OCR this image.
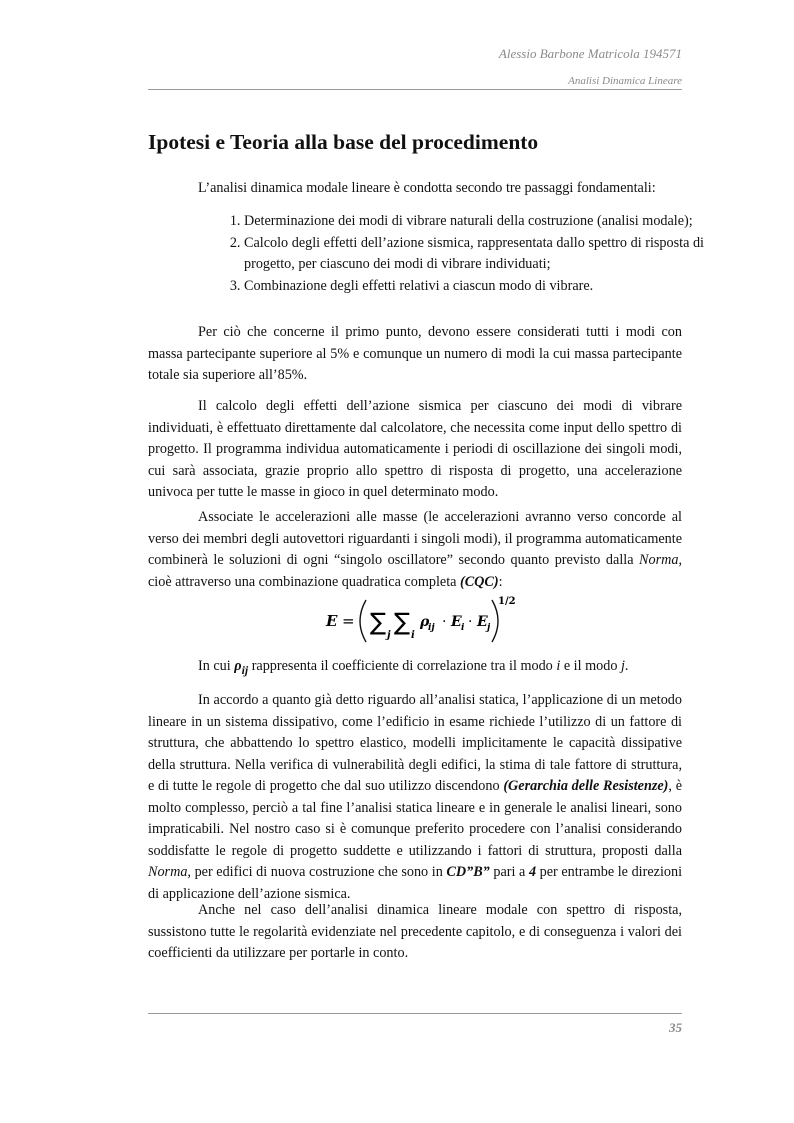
Alessio Barbone Matricola 194571
Analisi Dinamica Lineare
Ipotesi e Teoria alla base del procedimento

L’analisi dinamica modale lineare è condotta secondo tre passaggi fondamentali:

1. Determinazione dei modi di vibrare naturali della costruzione (analisi modale);
2. Calcolo degli effetti dell’azione sismica, rappresentata dallo spettro di risposta di progetto, per ciascuno dei modi di vibrare individuati;
3. Combinazione degli effetti relativi a ciascun modo di vibrare.

Per ciò che concerne il primo punto, devono essere considerati tutti i modi con massa partecipante superiore al 5% e comunque un numero di modi la cui massa partecipante totale sia superiore all’85%.

Il calcolo degli effetti dell’azione sismica per ciascuno dei modi di vibrare individuati, è effettuato direttamente dal calcolatore, che necessita come input dello spettro di progetto. Il programma individua automaticamente i periodi di oscillazione dei singoli modi, cui sarà associata, grazie proprio allo spettro di risposta di progetto, una accelerazione univoca per tutte le masse in gioco in quel determinato modo.

Associate le accelerazioni alle masse (le accelerazioni avranno verso concorde al verso dei membri degli autovettori riguardanti i singoli modi), il programma automaticamente combinerà le soluzioni di ogni “singolo oscillatore” secondo quanto previsto dalla Norma, cioè attraverso una combinazione quadratica completa (CQC):

E = ∑ j ∑ i
ρ
ij · E i · E j
1/2

In cui $\rho_{ij}$ rappresenta il coefficiente di correlazione tra il modo i e il modo j.

In accordo a quanto già detto riguardo all’analisi statica, l’applicazione di un metodo lineare in un sistema dissipativo, come l’edificio in esame richiede l’utilizzo di un fattore di struttura, che abbattendo lo spettro elastico, modelli implicitamente le capacità dissipative della struttura. Nella verifica di vulnerabilità degli edifici, la stima di tale fattore di struttura, e di tutte le regole di progetto che dal suo utilizzo discendono (Gerarchia delle Resistenze), è molto complesso, perciò a tal fine l’analisi statica lineare e in generale le analisi lineari, sono impraticabili. Nel nostro caso si è comunque preferito procedere con l’analisi considerando soddisfatte le regole di progetto suddette e utilizzando i fattori di struttura, proposti dalla Norma, per edifici di nuova costruzione che sono in CD”B” pari a 4 per entrambe le direzioni di applicazione dell’azione sismica.

Anche nel caso dell’analisi dinamica lineare modale con spettro di risposta, sussistono tutte le regolarità evidenziate nel precedente capitolo, e di conseguenza i valori dei coefficienti da utilizzare per portarle in conto.

35
